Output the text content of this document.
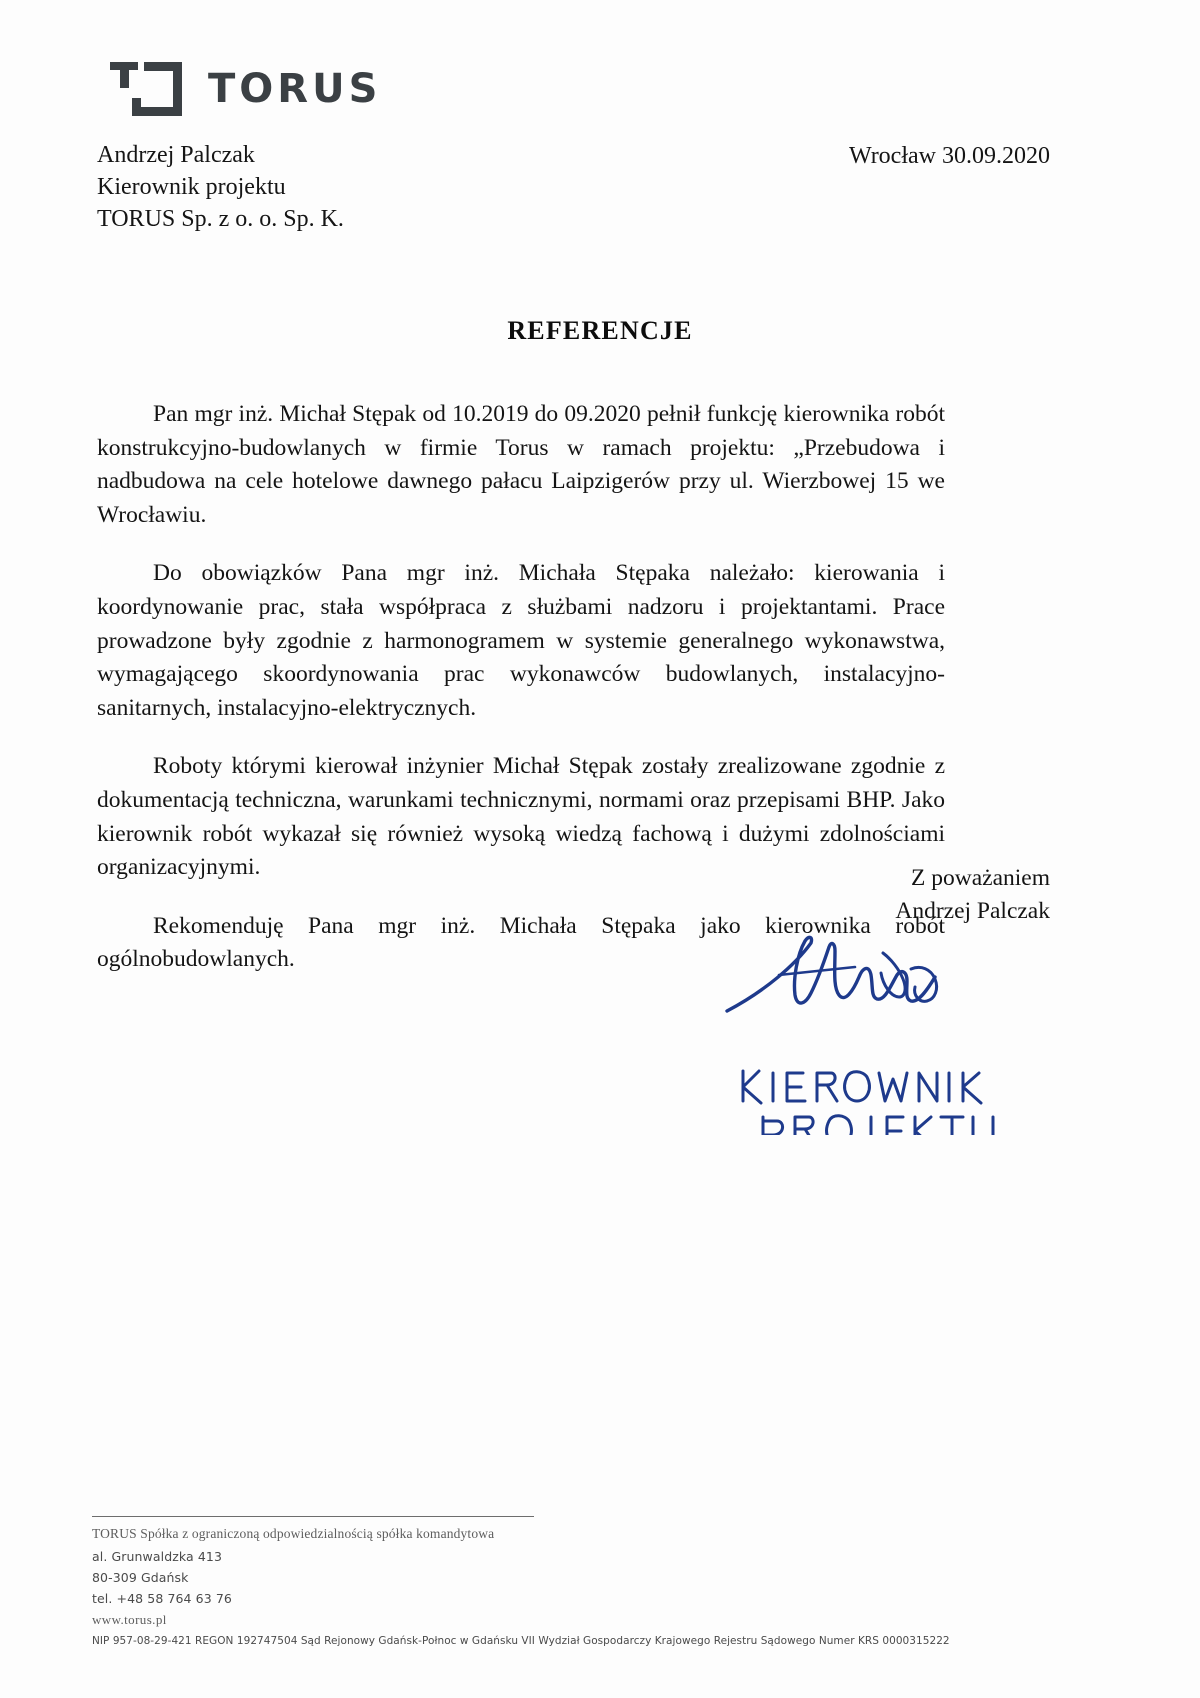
TORUS
Andrzej Palczak
Kierownik projektu
TORUS Sp. z o. o. Sp. K.
Wrocław 30.09.2020
REFERENCJE

Pan mgr inż. Michał Stępak od 10.2019 do 09.2020 pełnił funkcję kierownika robót konstrukcyjno-budowlanych w firmie Torus w ramach projektu: „Przebudowa i nadbudowa na cele hotelowe dawnego pałacu Laipzigerów przy ul. Wierzbowej 15 we Wrocławiu.

Do obowiązków Pana mgr inż. Michała Stępaka należało: kierowania i koordynowanie prac, stała współpraca z służbami nadzoru i projektantami. Prace prowadzone były zgodnie z harmonogramem w systemie generalnego wykonawstwa, wymagającego skoordynowania prac wykonawców budowlanych, instalacyjno-sanitarnych, instalacyjno-elektrycznych.

Roboty którymi kierował inżynier Michał Stępak zostały zrealizowane zgodnie z dokumentacją techniczna, warunkami technicznymi, normami oraz przepisami BHP. Jako kierownik robót wykazał się również wysoką wiedzą fachową i dużymi zdolnościami organizacyjnymi.

Rekomenduję Pana mgr inż. Michała Stępaka jako kierownika robót ogólnobudowlanych.

Z poważaniem
Andrzej Palczak
TORUS Spółka z ograniczoną odpowiedzialnością spółka komandytowa
al. Grunwaldzka 413
80-309 Gdańsk
tel. +48 58 764 63 76
www.torus.pl
NIP 957-08-29-421 REGON 192747504 Sąd Rejonowy Gdańsk-Połnoc w Gdańsku VII Wydział Gospodarczy Krajowego Rejestru Sądowego Numer KRS 0000315222
